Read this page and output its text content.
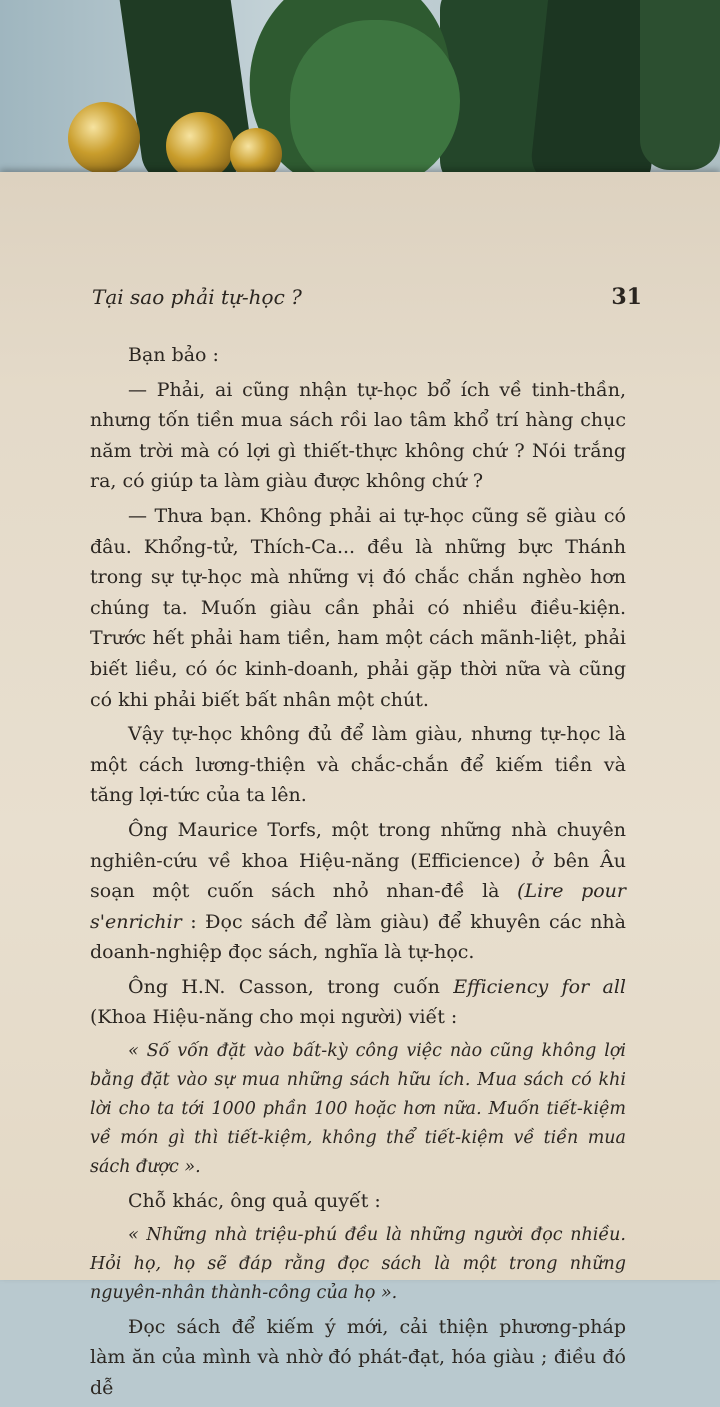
Tại sao phải tự-học ?	31

Bạn bảo :

— Phải, ai cũng nhận tự-học bổ ích về tinh-thần, nhưng tốn tiền mua sách rồi lao tâm khổ trí hàng chục năm trời mà có lợi gì thiết-thực không chứ ? Nói trắng ra, có giúp ta làm giàu được không chứ ?

— Thưa bạn. Không phải ai tự-học cũng sẽ giàu có đâu. Khổng-tử, Thích-Ca... đều là những bực Thánh trong sự tự-học mà những vị đó chắc chắn nghèo hơn chúng ta. Muốn giàu cần phải có nhiều điều-kiện. Trước hết phải ham tiền, ham một cách mãnh-liệt, phải biết liều, có óc kinh-doanh, phải gặp thời nữa và cũng có khi phải biết bất nhân một chút.

Vậy tự-học không đủ để làm giàu, nhưng tự-học là một cách lương-thiện và chắc-chắn để kiếm tiền và tăng lợi-tức của ta lên.

Ông Maurice Torfs, một trong những nhà chuyên nghiên-cứu về khoa Hiệu-năng (Efficience) ở bên Âu soạn một cuốn sách nhỏ nhan-đề là (Lire pour s'enrichir : Đọc sách để làm giàu) để khuyên các nhà doanh-nghiệp đọc sách, nghĩa là tự-học.

Ông H.N. Casson, trong cuốn Efficiency for all (Khoa Hiệu-năng cho mọi người) viết :

« Số vốn đặt vào bất-kỳ công việc nào cũng không lợi bằng đặt vào sự mua những sách hữu ích. Mua sách có khi lời cho ta tới 1000 phần 100 hoặc hơn nữa. Muốn tiết-kiệm về món gì thì tiết-kiệm, không thể tiết-kiệm về tiền mua sách được ».

Chỗ khác, ông quả quyết :

« Những nhà triệu-phú đều là những người đọc nhiều. Hỏi họ, họ sẽ đáp rằng đọc sách là một trong những nguyên-nhân thành-công của họ ».

Đọc sách để kiếm ý mới, cải thiện phương-pháp làm ăn của mình và nhờ đó phát-đạt, hóa giàu ; điều đó dễ
